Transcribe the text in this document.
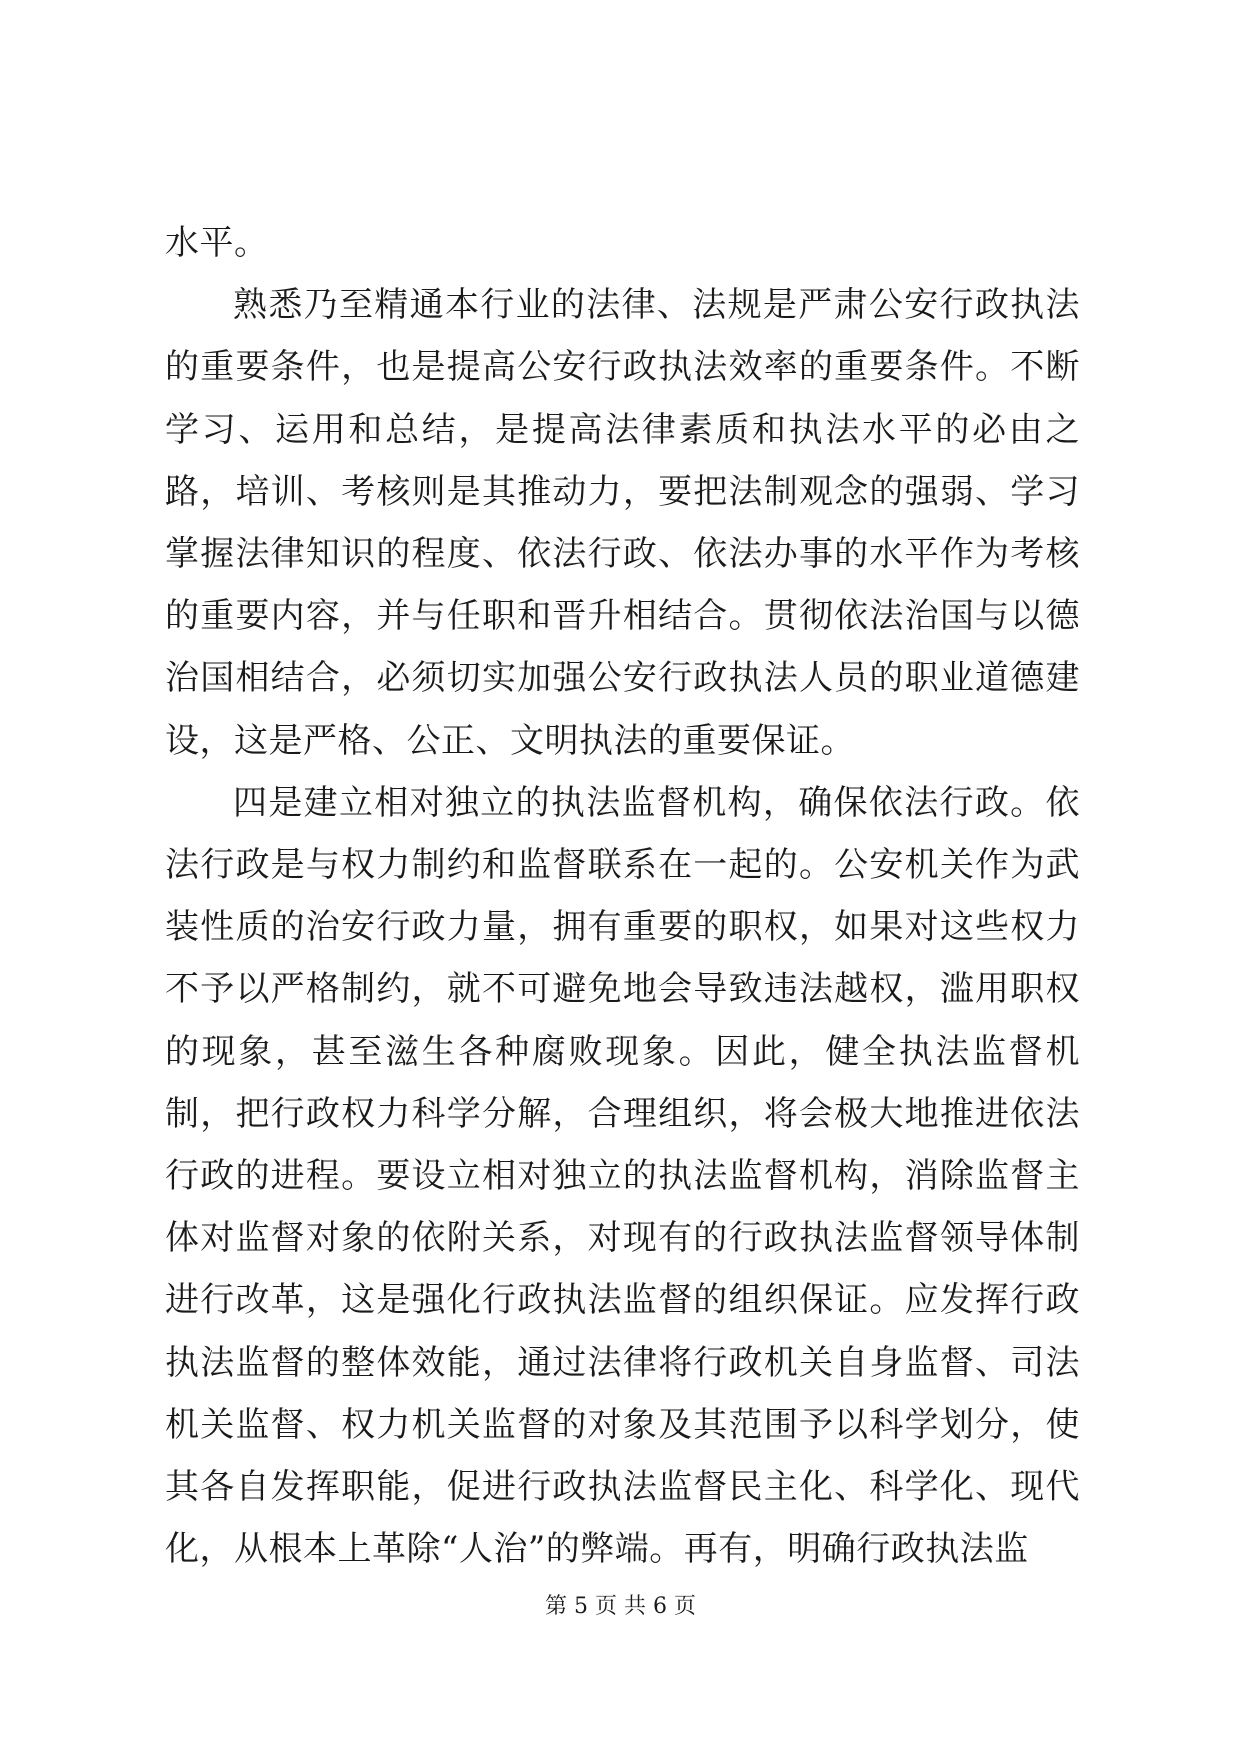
水平。

熟悉乃至精通本行业的法律、法规是严肃公安行政执法的重要条件，也是提高公安行政执法效率的重要条件。不断学习、运用和总结，是提高法律素质和执法水平的必由之路，培训、考核则是其推动力，要把法制观念的强弱、学习掌握法律知识的程度、依法行政、依法办事的水平作为考核的重要内容，并与任职和晋升相结合。贯彻依法治国与以德治国相结合，必须切实加强公安行政执法人员的职业道德建设，这是严格、公正、文明执法的重要保证。

四是建立相对独立的执法监督机构，确保依法行政。依法行政是与权力制约和监督联系在一起的。公安机关作为武装性质的治安行政力量，拥有重要的职权，如果对这些权力不予以严格制约，就不可避免地会导致违法越权，滥用职权的现象，甚至滋生各种腐败现象。因此，健全执法监督机制，把行政权力科学分解，合理组织，将会极大地推进依法行政的进程。要设立相对独立的执法监督机构，消除监督主体对监督对象的依附关系，对现有的行政执法监督领导体制进行改革，这是强化行政执法监督的组织保证。应发挥行政执法监督的整体效能，通过法律将行政机关自身监督、司法机关监督、权力机关监督的对象及其范围予以科学划分，使其各自发挥职能，促进行政执法监督民主化、科学化、现代化，从根本上革除“人治”的弊端。再有，明确行政执法监

第 5 页 共 6 页
